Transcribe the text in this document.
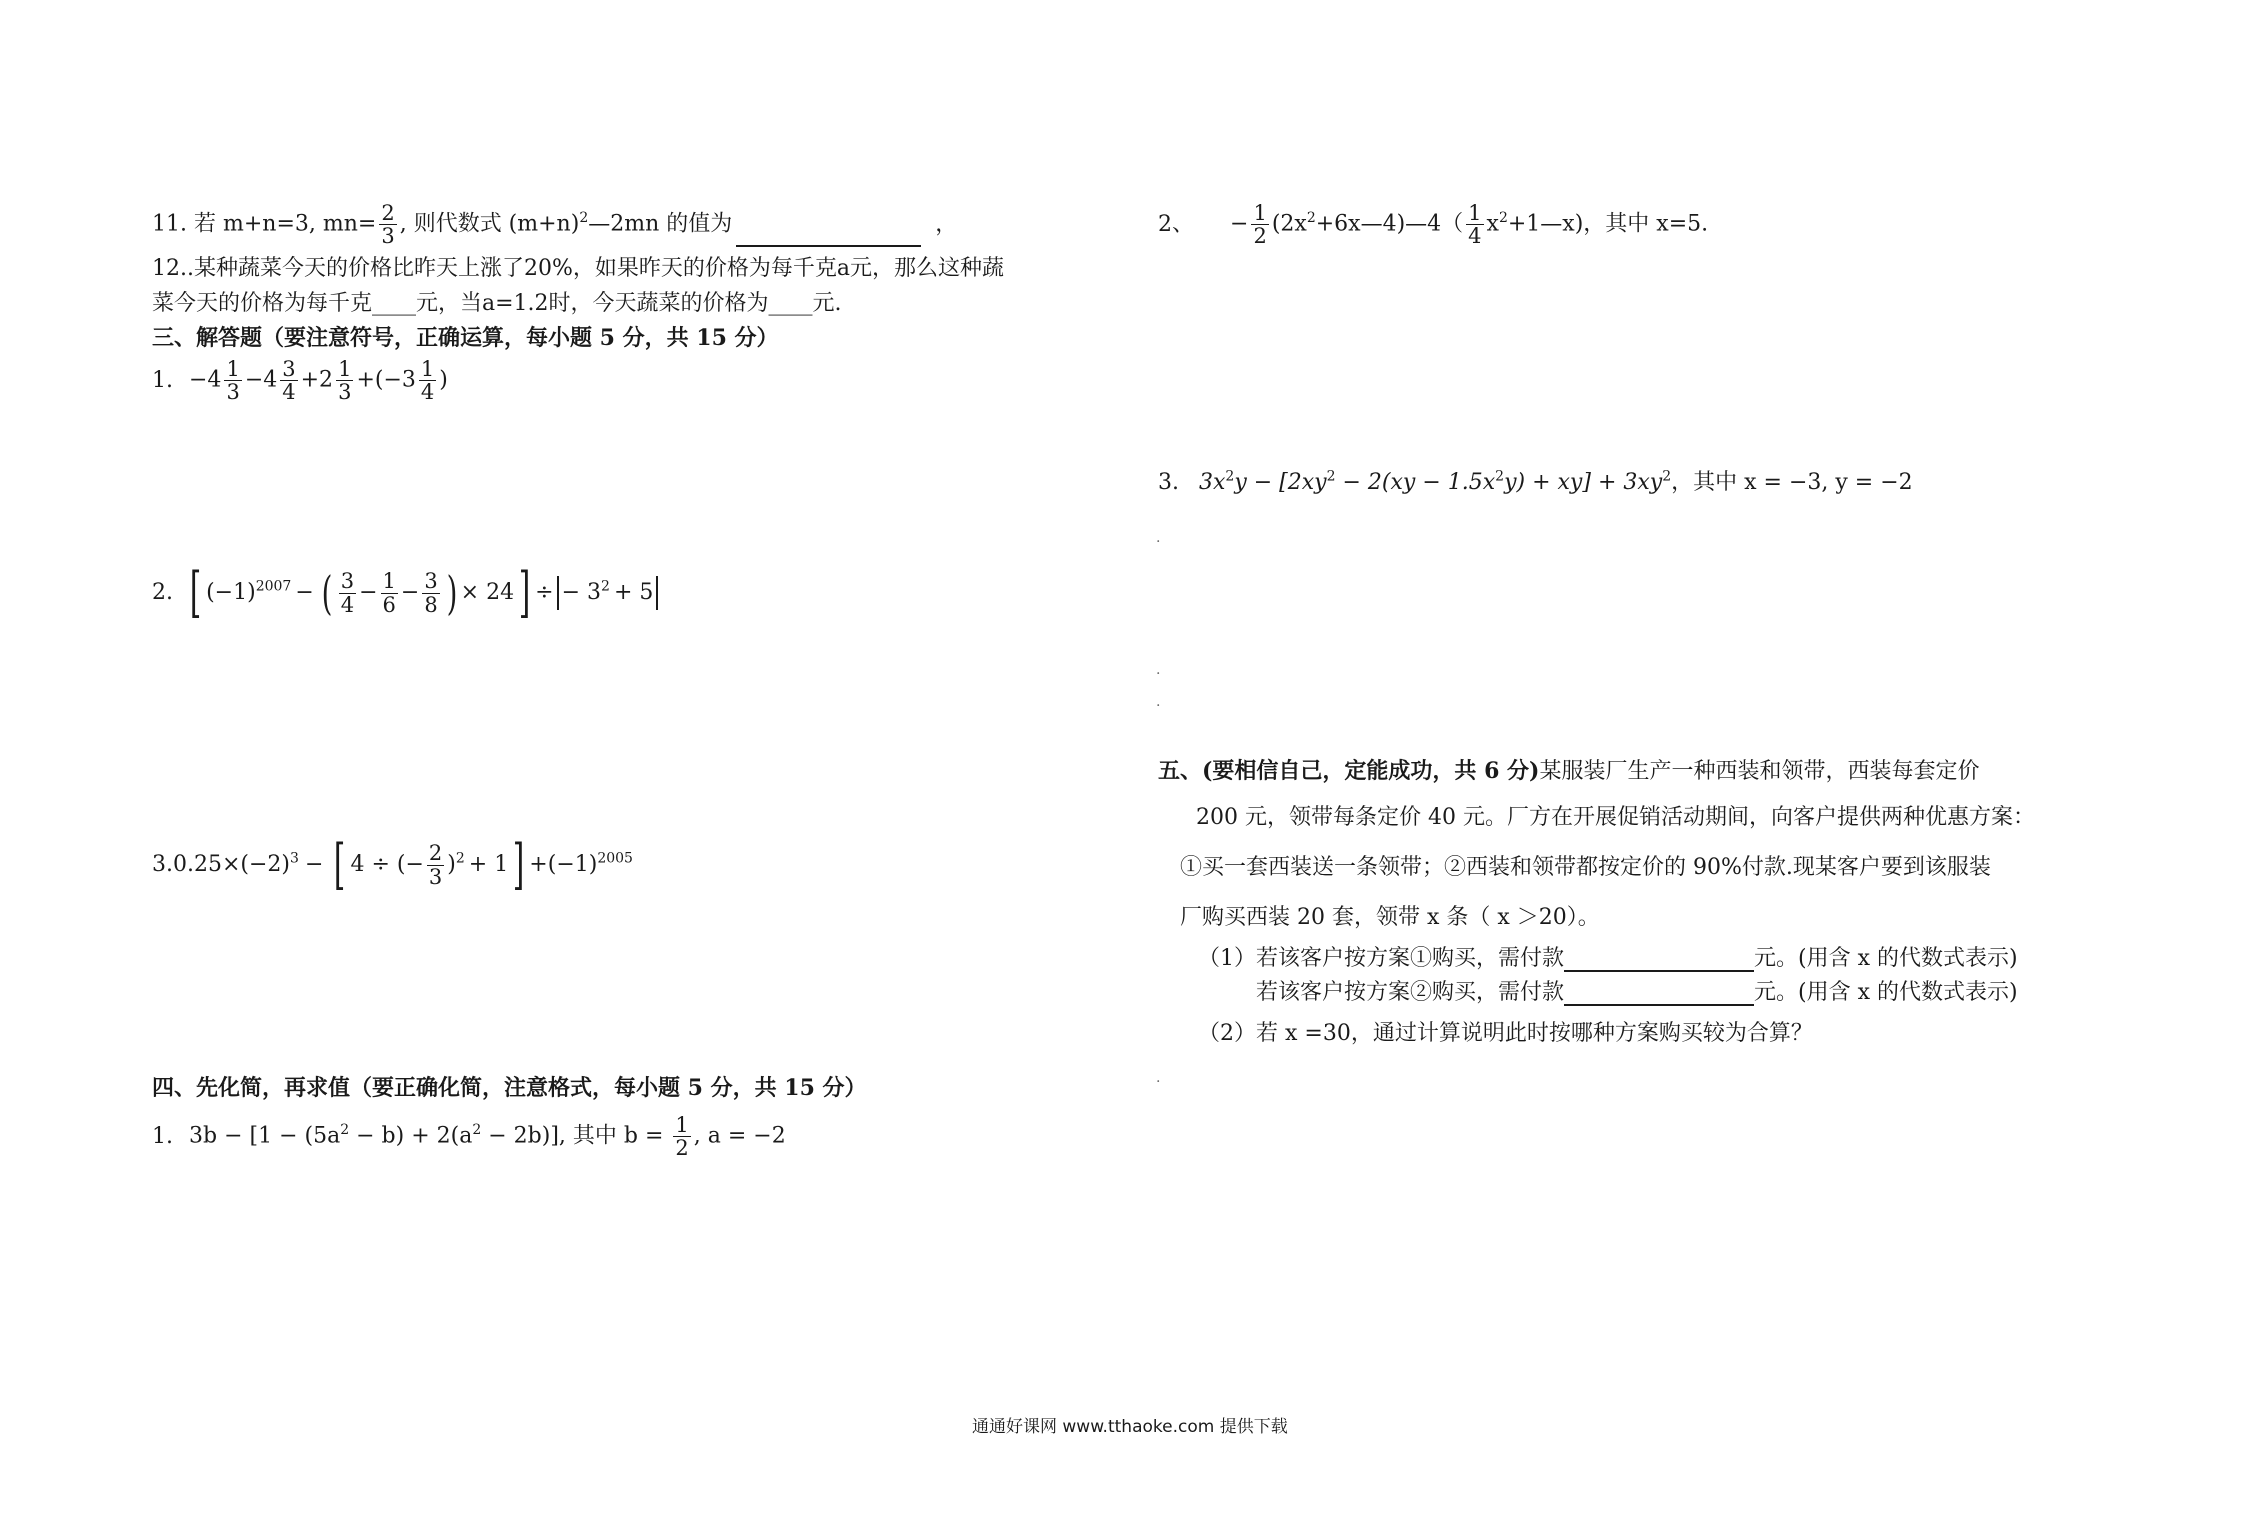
11. 若 m+n=3, $mn= \frac{2}{3}$ , 则代数式 $(m+n)^2—2mn$ 的值为	，
12..某种蔬菜今天的价格比昨天上涨了20%，如果昨天的价格为每千克a元，那么这种蔬
菜今天的价格为每千克____元，当a=1.2时，今天蔬菜的价格为____元.
三、解答题（要注意符号，正确运算，每小题 5 分，共 15 分）
1. $-4 \frac{1}{3} -4 \frac{3}{4} +2 \frac{1}{3} +(-3 \frac{1}{4}$ )
2. [ $(-1)^{2007}$ − ( $\frac{3}{4} - \frac{1}{6} - \frac{3}{8}$ ) × 24] ÷ − $3^2 + 5$
$3.0.25\times(-2)^3$ − [ 4 ÷ (− $\frac{2}{3} )^2 + 1] +(-1)^{2005}$
四、先化简，再求值（要正确化简，注意格式，每小题 5 分，共 15 分）
1. $3b - [1 - (5a^2 - b) + 2(a^2 - 2b)]$, 其中 $b = \frac{1}{2}$ , a = −2
2、 − $\frac{1}{2}$ $(2x^2+6x—4)—4( \frac{1}{4}$ $x^2+1—x$)，其中 x=5.
3. $3x^2y - [2xy^2 - 2(xy - 1.5x^2y) + xy] + 3xy^2$，其中 x = −3, y = −2
五、(要相信自己，定能成功，共 6 分)某服装厂生产一种西装和领带，西装每套定价
200 元，领带每条定价 40 元。厂方在开展促销活动期间，向客户提供两种优惠方案：
①买一套西装送一条领带；②西装和领带都按定价的 90%付款.现某客户要到该服装
厂购买西装 20 套，领带 x 条（ x ＞20）。
（1）若该客户按方案①购买，需付款	元。(用含 x 的代数式表示)
若该客户按方案②购买，需付款	元。(用含 x 的代数式表示)
（2）若 x =30，通过计算说明此时按哪种方案购买较为合算？
.
.
.
.
通通好课网 www.tthaoke.com 提供下载
